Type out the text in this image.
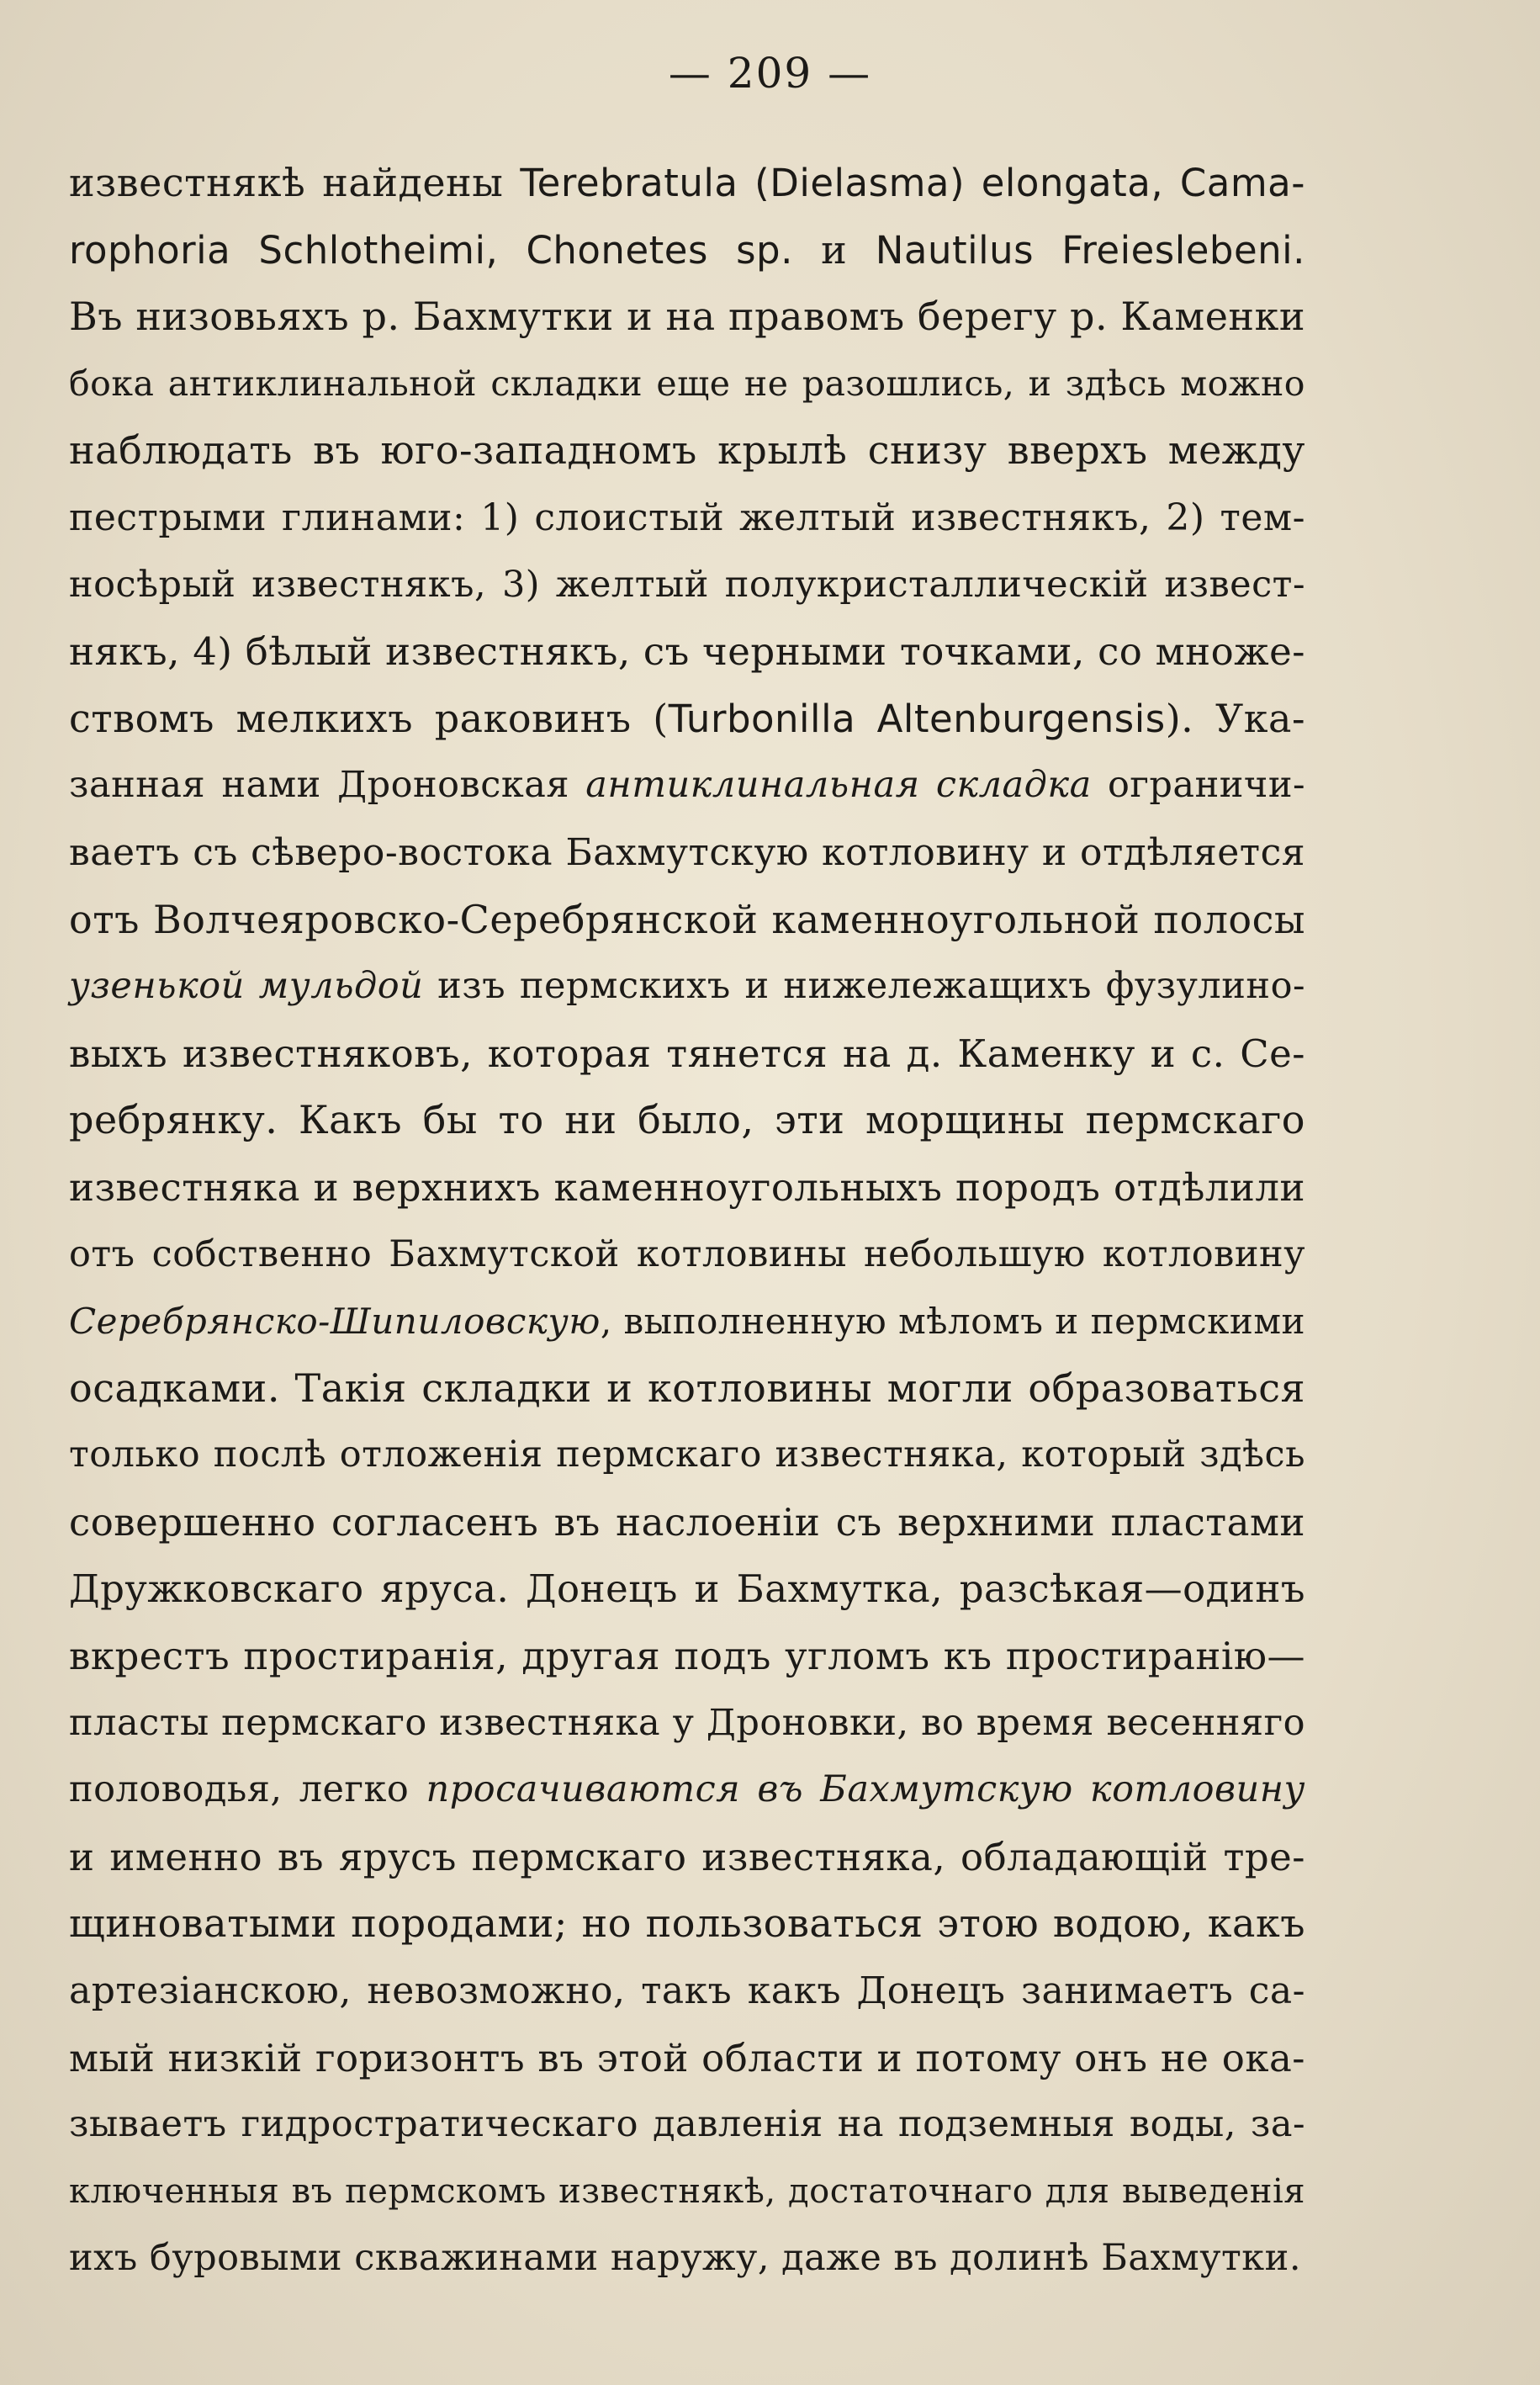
— 209 —
известнякѣ найдены Terebratula (Dielasma) elongata, Cama-
rophoria Schlotheimi, Chonetes sp. и Nautilus Freieslebeni.
Въ низовьяхъ р. Бахмутки и на правомъ берегу р. Каменки
бока антиклинальной складки еще не разошлись, и здѣсь можно
наблюдать въ юго-западномъ крылѣ снизу вверхъ между
пестрыми глинами: 1) слоистый желтый известнякъ, 2) тем-
носѣрый известнякъ, 3) желтый полукристаллическій извест-
някъ, 4) бѣлый известнякъ, съ черными точками, со множе-
ствомъ мелкихъ раковинъ (Turbonilla Altenburgensis). Ука-
занная нами Дроновская антиклинальная складка ограничи-
ваетъ съ сѣверо-востока Бахмутскую котловину и отдѣляется
отъ Волчеяровско-Серебрянской каменноугольной полосы
узенькой мульдой изъ пермскихъ и нижележащихъ фузулино-
выхъ известняковъ, которая тянется на д. Каменку и с. Се-
ребрянку. Какъ бы то ни было, эти морщины пермскаго
известняка и верхнихъ каменноугольныхъ породъ отдѣлили
отъ собственно Бахмутской котловины небольшую котловину
Серебрянско-Шипиловскую, выполненную мѣломъ и пермскими
осадками. Такія складки и котловины могли образоваться
только послѣ отложенія пермскаго известняка, который здѣсь
совершенно согласенъ въ наслоеніи съ верхними пластами
Дружковскаго яруса. Донецъ и Бахмутка, разсѣкая—одинъ
вкрестъ простиранія, другая подъ угломъ къ простиранію—
пласты пермскаго известняка у Дроновки, во время весенняго
половодья, легко просачиваются въ Бахмутскую котловину
и именно въ ярусъ пермскаго известняка, обладающій тре-
щиноватыми породами; но пользоваться этою водою, какъ
артезіанскою, невозможно, такъ какъ Донецъ занимаетъ са-
мый низкій горизонтъ въ этой области и потому онъ не ока-
зываетъ гидростратическаго давленія на подземныя воды, за-
ключенныя въ пермскомъ известнякѣ, достаточнаго для выведенія
ихъ буровыми скважинами наружу, даже въ долинѣ Бахмутки.
